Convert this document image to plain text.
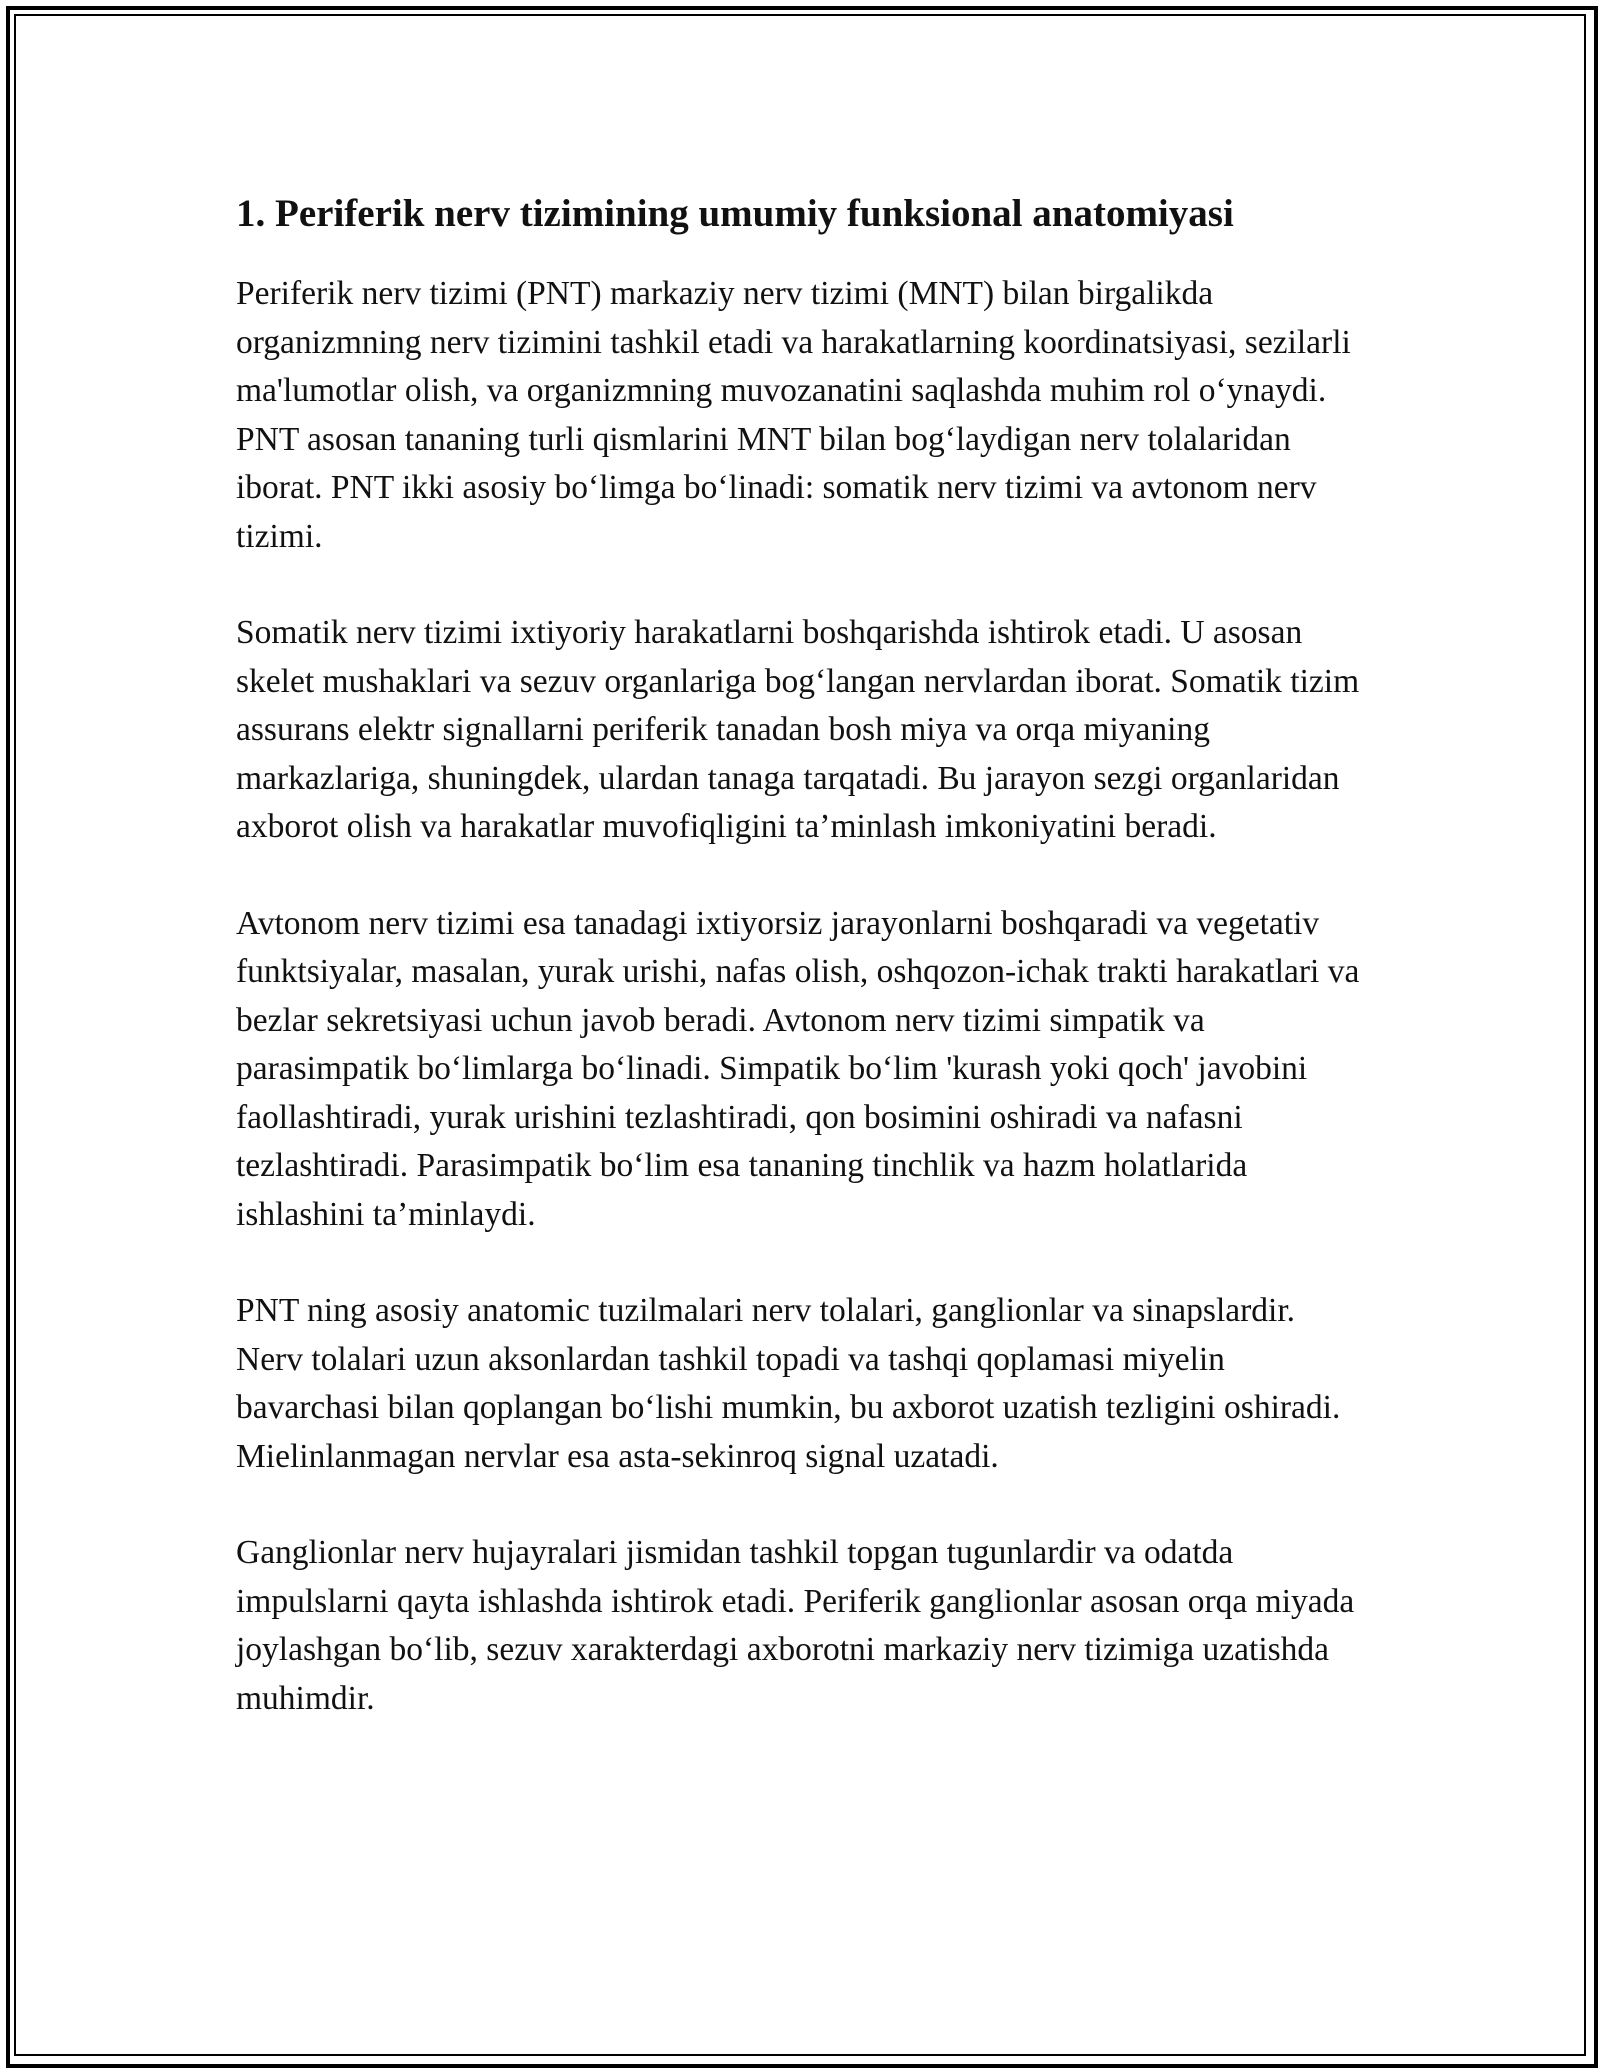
1. Periferik nerv tizimining umumiy funksional anatomiyasi

Periferik nerv tizimi (PNT) markaziy nerv tizimi (MNT) bilan birgalikda organizmning nerv tizimini tashkil etadi va harakatlarning koordinatsiyasi, sezilarli ma'lumotlar olish, va organizmning muvozanatini saqlashda muhim rol o‘ynaydi. PNT asosan tananing turli qismlarini MNT bilan bog‘laydigan nerv tolalaridan iborat. PNT ikki asosiy bo‘limga bo‘linadi: somatik nerv tizimi va avtonom nerv tizimi.

Somatik nerv tizimi ixtiyoriy harakatlarni boshqarishda ishtirok etadi. U asosan skelet mushaklari va sezuv organlariga bog‘langan nervlardan iborat. Somatik tizim assurans elektr signallarni periferik tanadan bosh miya va orqa miyaning markazlariga, shuningdek, ulardan tanaga tarqatadi. Bu jarayon sezgi organlaridan axborot olish va harakatlar muvofiqligini ta’minlash imkoniyatini beradi.

Avtonom nerv tizimi esa tanadagi ixtiyorsiz jarayonlarni boshqaradi va vegetativ funktsiyalar, masalan, yurak urishi, nafas olish, oshqozon-ichak trakti harakatlari va bezlar sekretsiyasi uchun javob beradi. Avtonom nerv tizimi simpatik va parasimpatik bo‘limlarga bo‘linadi. Simpatik bo‘lim 'kurash yoki qoch' javobini faollashtiradi, yurak urishini tezlashtiradi, qon bosimini oshiradi va nafasni tezlashtiradi. Parasimpatik bo‘lim esa tananing tinchlik va hazm holatlarida ishlashini ta’minlaydi.

PNT ning asosiy anatomic tuzilmalari nerv tolalari, ganglionlar va sinapslardir. Nerv tolalari uzun aksonlardan tashkil topadi va tashqi qoplamasi miyelin bavarchasi bilan qoplangan bo‘lishi mumkin, bu axborot uzatish tezligini oshiradi. Mielinlanmagan nervlar esa asta-sekinroq signal uzatadi.

Ganglionlar nerv hujayralari jismidan tashkil topgan tugunlardir va odatda impulslarni qayta ishlashda ishtirok etadi. Periferik ganglionlar asosan orqa miyada joylashgan bo‘lib, sezuv xarakterdagi axborotni markaziy nerv tizimiga uzatishda muhimdir.
